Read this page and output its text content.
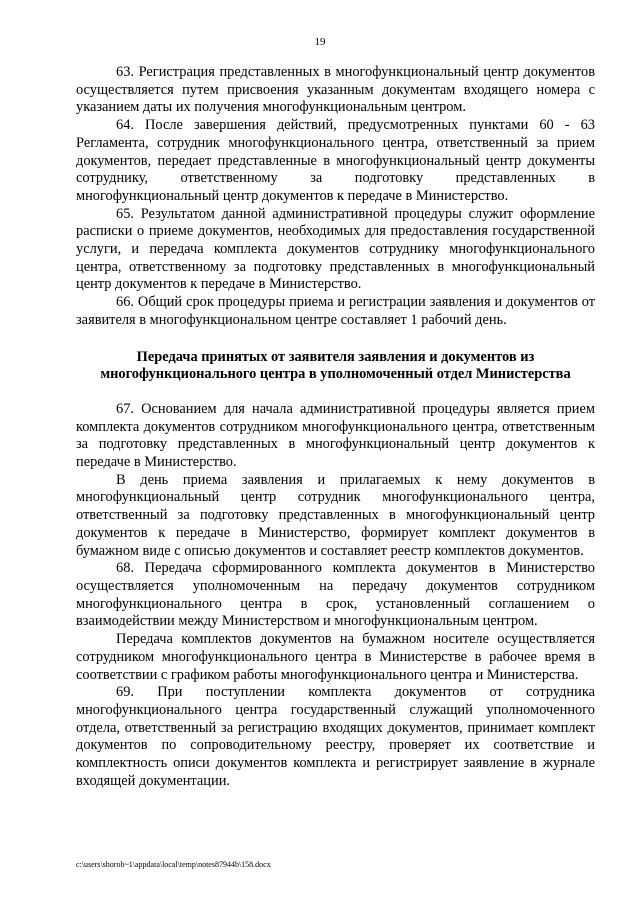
19

63. Регистрация представленных в многофункциональный центр документов осуществляется путем присвоения указанным документам входящего номера с указанием даты их получения многофункциональным центром.

64. После завершения действий, предусмотренных пунктами 60 - 63 Регламента, сотрудник многофункционального центра, ответственный за прием документов, передает представленные в многофункциональный центр документы сотруднику, ответственному за подготовку представленных в многофункциональный центр документов к передаче в Министерство.

65. Результатом данной административной процедуры служит оформление расписки о приеме документов, необходимых для предоставления государственной услуги, и передача комплекта документов сотруднику многофункционального центра, ответственному за подготовку представленных в многофункциональный центр документов к передаче в Министерство.

66. Общий срок процедуры приема и регистрации заявления и документов от заявителя в многофункциональном центре составляет 1 рабочий день.

Передача принятых от заявителя заявления и документов из многофункционального центра в уполномоченный отдел Министерства

67. Основанием для начала административной процедуры является прием комплекта документов сотрудником многофункционального центра, ответственным за подготовку представленных в многофункциональный центр документов к передаче в Министерство.

В день приема заявления и прилагаемых к нему документов в многофункциональный центр сотрудник многофункционального центра, ответственный за подготовку представленных в многофункциональный центр документов к передаче в Министерство, формирует комплект документов в бумажном виде с описью документов и составляет реестр комплектов документов.

68. Передача сформированного комплекта документов в Министерство осуществляется уполномоченным на передачу документов сотрудником многофункционального центра в срок, установленный соглашением о взаимодействии между Министерством и многофункциональным центром.

Передача комплектов документов на бумажном носителе осуществляется сотрудником многофункционального центра в Министерстве в рабочее время в соответствии с графиком работы многофункционального центра и Министерства.

69. При поступлении комплекта документов от сотрудника многофункционального центра государственный служащий уполномоченного отдела, ответственный за регистрацию входящих документов, принимает комплект документов по сопроводительному реестру, проверяет их соответствие и комплектность описи документов комплекта и регистрирует заявление в журнале входящей документации.

c:\users\shorob~1\appdata\local\temp\notes87944b\158.docx
